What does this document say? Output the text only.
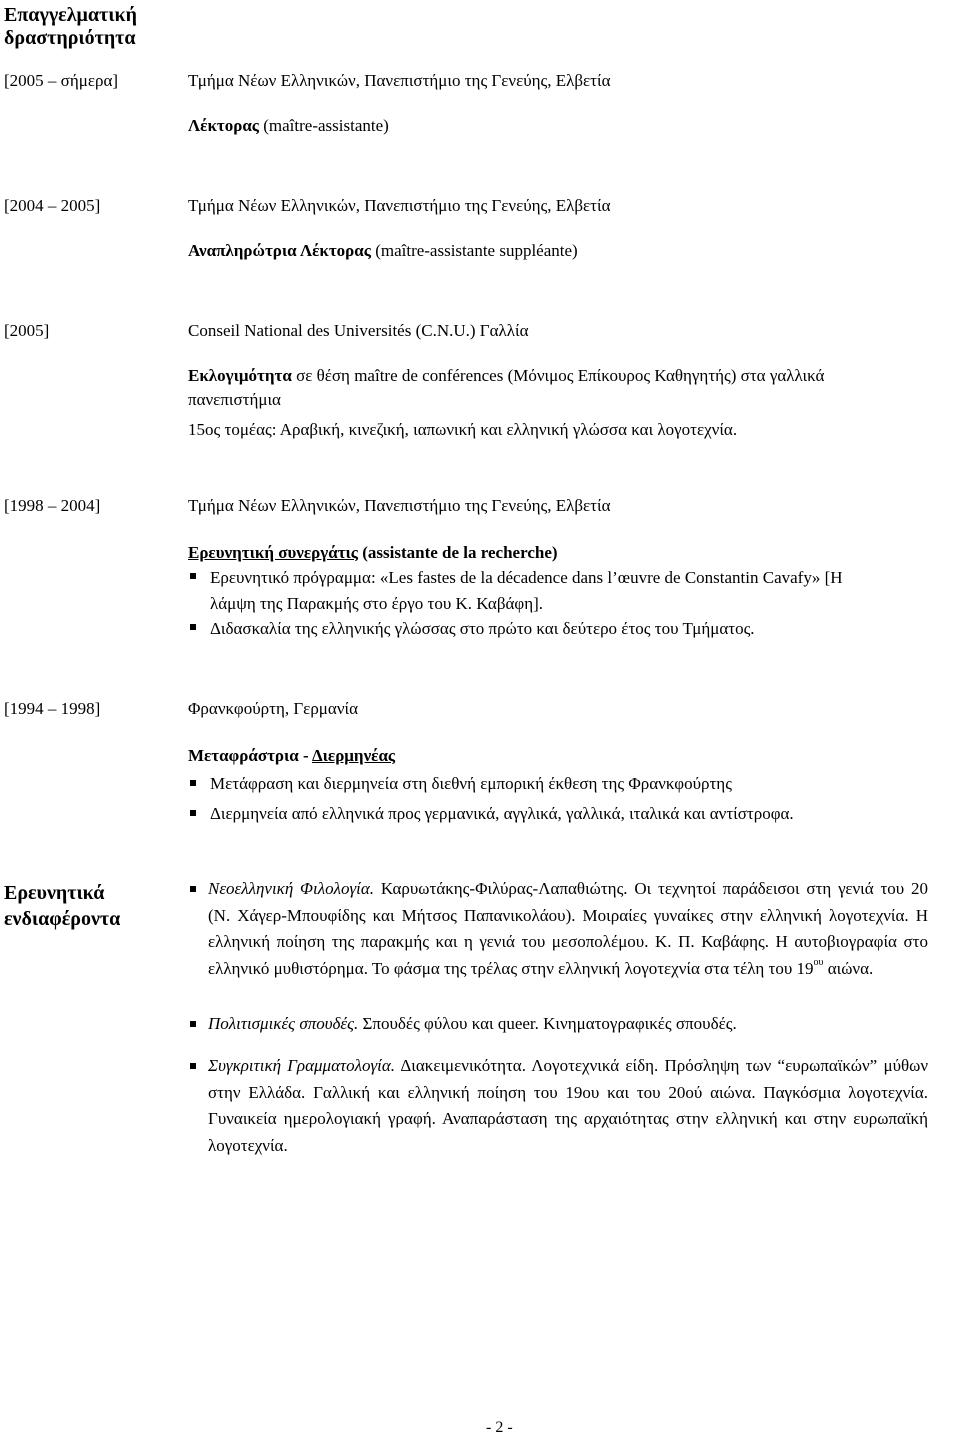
Επαγγελματική
δραστηριότητα
[2005 – σήμερα]	Τμήμα Νέων Ελληνικών, Πανεπιστήμιο της Γενεύης, Ελβετία
Λέκτορας (maître-assistante)
[2004 – 2005]	Τμήμα Νέων Ελληνικών, Πανεπιστήμιο της Γενεύης, Ελβετία
Αναπληρώτρια Λέκτορας (maître-assistante suppléante)
[2005]	Conseil National des Universités (C.N.U.) Γαλλία
Εκλογιμότητα σε θέση maître de conférences (Μόνιμος Επίκουρος Καθηγητής) στα γαλλικά
πανεπιστήμια
15ος τομέας: Αραβική, κινεζική, ιαπωνική και ελληνική γλώσσα και λογοτεχνία.
[1998 – 2004]	Τμήμα Νέων Ελληνικών, Πανεπιστήμιο της Γενεύης, Ελβετία
Ερευνητική συνεργάτις (assistante de la recherche)
Ερευνητικό πρόγραμμα: «Les fastes de la décadence dans l’œuvre de Constantin Cavafy» [Η
λάμψη της Παρακμής στο έργο του Κ. Καβάφη].
Διδασκαλία της ελληνικής γλώσσας στο πρώτο και δεύτερο έτος του Τμήματος.
[1994 – 1998]	Φρανκφούρτη, Γερμανία
Μεταφράστρια - Διερμηνέας
Μετάφραση και διερμηνεία στη διεθνή εμπορική έκθεση της Φρανκφούρτης
Διερμηνεία από ελληνικά προς γερμανικά, αγγλικά, γαλλικά, ιταλικά και αντίστροφα.
Ερευνητικά
ενδιαφέροντα
Νεοελληνική Φιλολογία. Καρυωτάκης-Φιλύρας-Λαπαθιώτης. Οι τεχνητοί παράδεισοι στη γενιά του 20 (Ν. Χάγερ-Μπουφίδης και Μήτσος Παπανικολάου). Μοιραίες γυναίκες στην ελληνική λογοτεχνία. Η ελληνική ποίηση της παρακμής και η γενιά του μεσοπολέμου. Κ. Π. Καβάφης. Η αυτοβιογραφία στο ελληνικό μυθιστόρημα. Το φάσμα της τρέλας στην ελληνική λογοτεχνία στα τέλη του $19^{o\upsilon}$ αιώνα.
Πολιτισμικές σπουδές. Σπουδές φύλου και queer. Κινηματογραφικές σπουδές.
Συγκριτική Γραμματολογία. Διακειμενικότητα. Λογοτεχνικά είδη. Πρόσληψη των “ευρωπαϊκών” μύθων στην Ελλάδα. Γαλλική και ελληνική ποίηση του 19ου και του 20ού αιώνα. Παγκόσμια λογοτεχνία. Γυναικεία ημερολογιακή γραφή. Αναπαράσταση της αρχαιότητας στην ελληνική και στην ευρωπαϊκή λογοτεχνία.
- 2 -
